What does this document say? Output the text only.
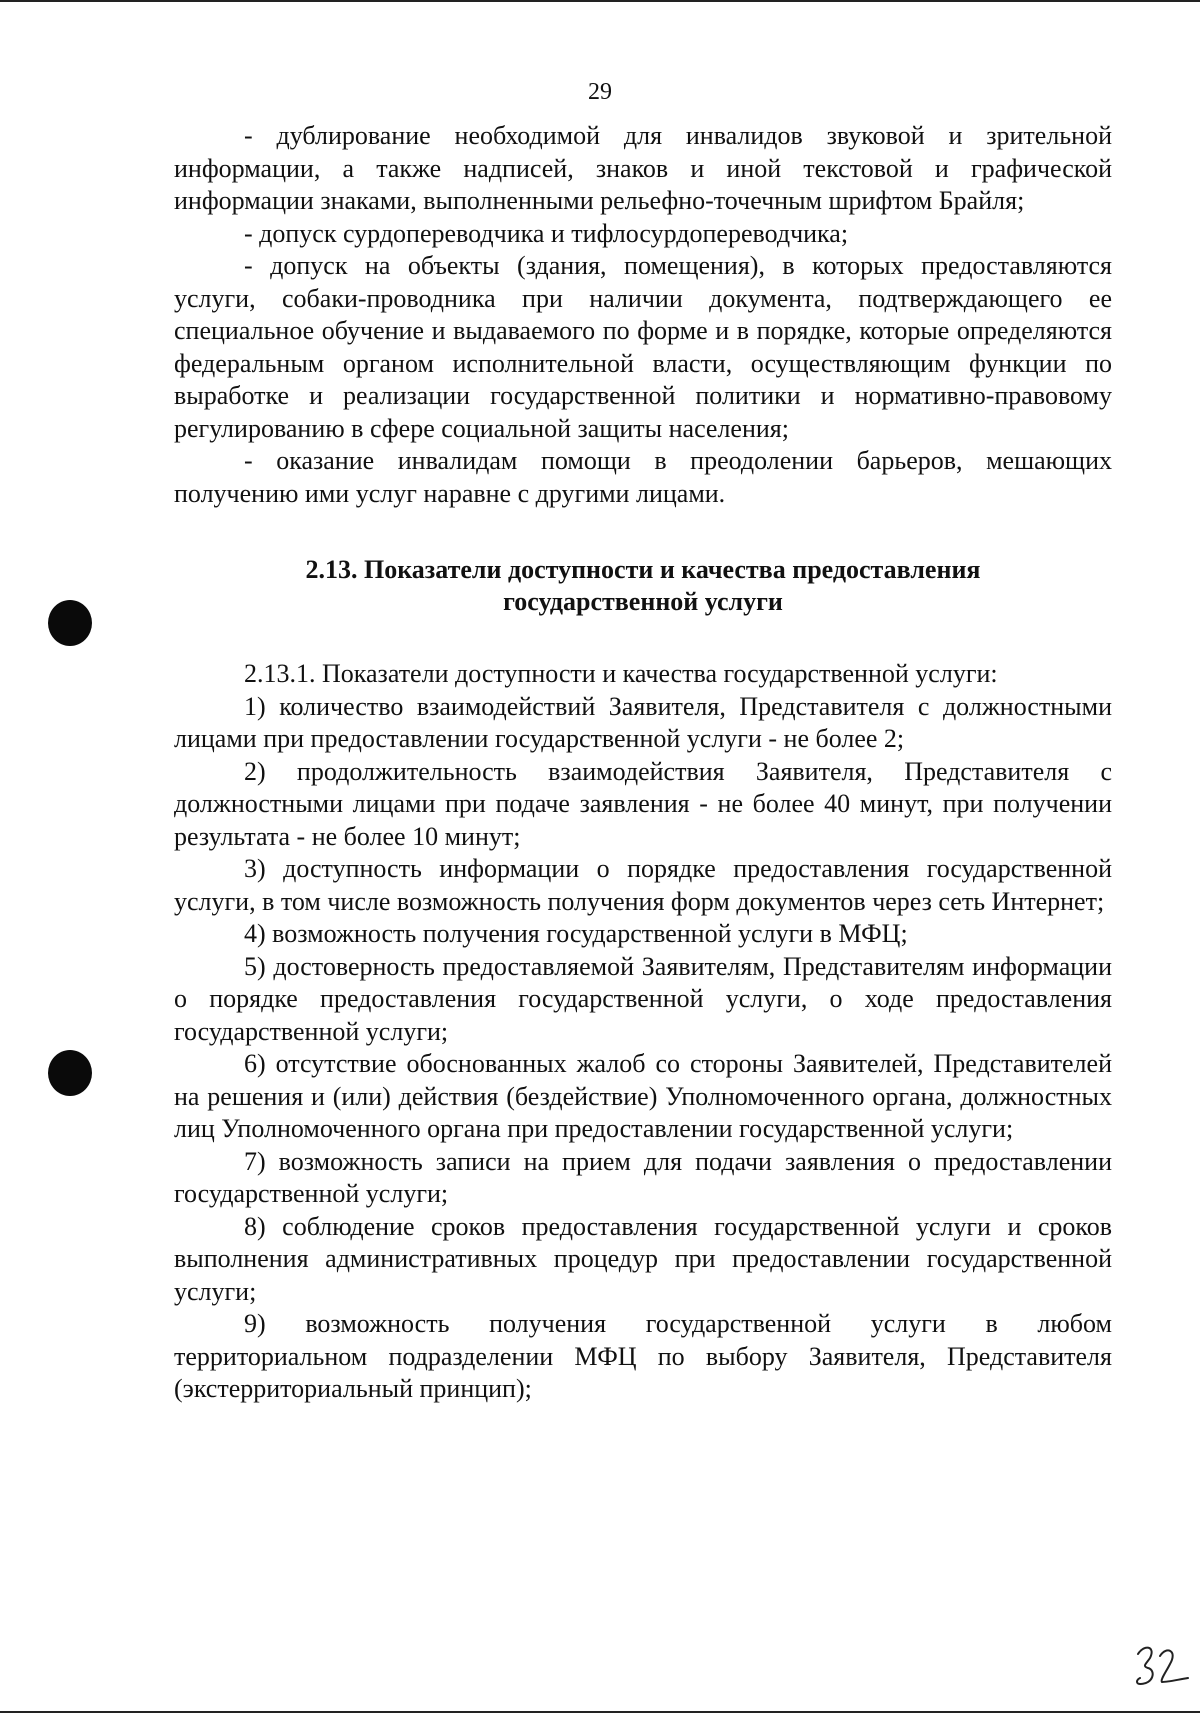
29

- дублирование необходимой для инвалидов звуковой и зрительной информации, а также надписей, знаков и иной текстовой и графической информации знаками, выполненными рельефно-точечным шрифтом Брайля;

- допуск сурдопереводчика и тифлосурдопереводчика;

- допуск на объекты (здания, помещения), в которых предоставляются услуги, собаки-проводника при наличии документа, подтверждающего ее специальное обучение и выдаваемого по форме и в порядке, которые определяются федеральным органом исполнительной власти, осуществляющим функции по выработке и реализации государственной политики и нормативно-правовому регулированию в сфере социальной защиты населения;

- оказание инвалидам помощи в преодолении барьеров, мешающих получению ими услуг наравне с другими лицами.

2.13. Показатели доступности и качества предоставления
государственной услуги

2.13.1. Показатели доступности и качества государственной услуги:

1) количество взаимодействий Заявителя, Представителя с должностными лицами при предоставлении государственной услуги - не более 2;

2) продолжительность взаимодействия Заявителя, Представителя с должностными лицами при подаче заявления - не более 40 минут, при получении результата - не более 10 минут;

3) доступность информации о порядке предоставления государственной услуги, в том числе возможность получения форм документов через сеть Интернет;

4) возможность получения государственной услуги в МФЦ;

5) достоверность предоставляемой Заявителям, Представителям информации о порядке предоставления государственной услуги, о ходе предоставления государственной услуги;

6) отсутствие обоснованных жалоб со стороны Заявителей, Представителей на решения и (или) действия (бездействие) Уполномоченного органа, должностных лиц Уполномоченного органа при предоставлении государственной услуги;

7) возможность записи на прием для подачи заявления о предоставлении государственной услуги;

8) соблюдение сроков предоставления государственной услуги и сроков выполнения административных процедур при предоставлении государственной услуги;

9) возможность получения государственной услуги в любом территориальном подразделении МФЦ по выбору Заявителя, Представителя (экстерриториальный принцип);
